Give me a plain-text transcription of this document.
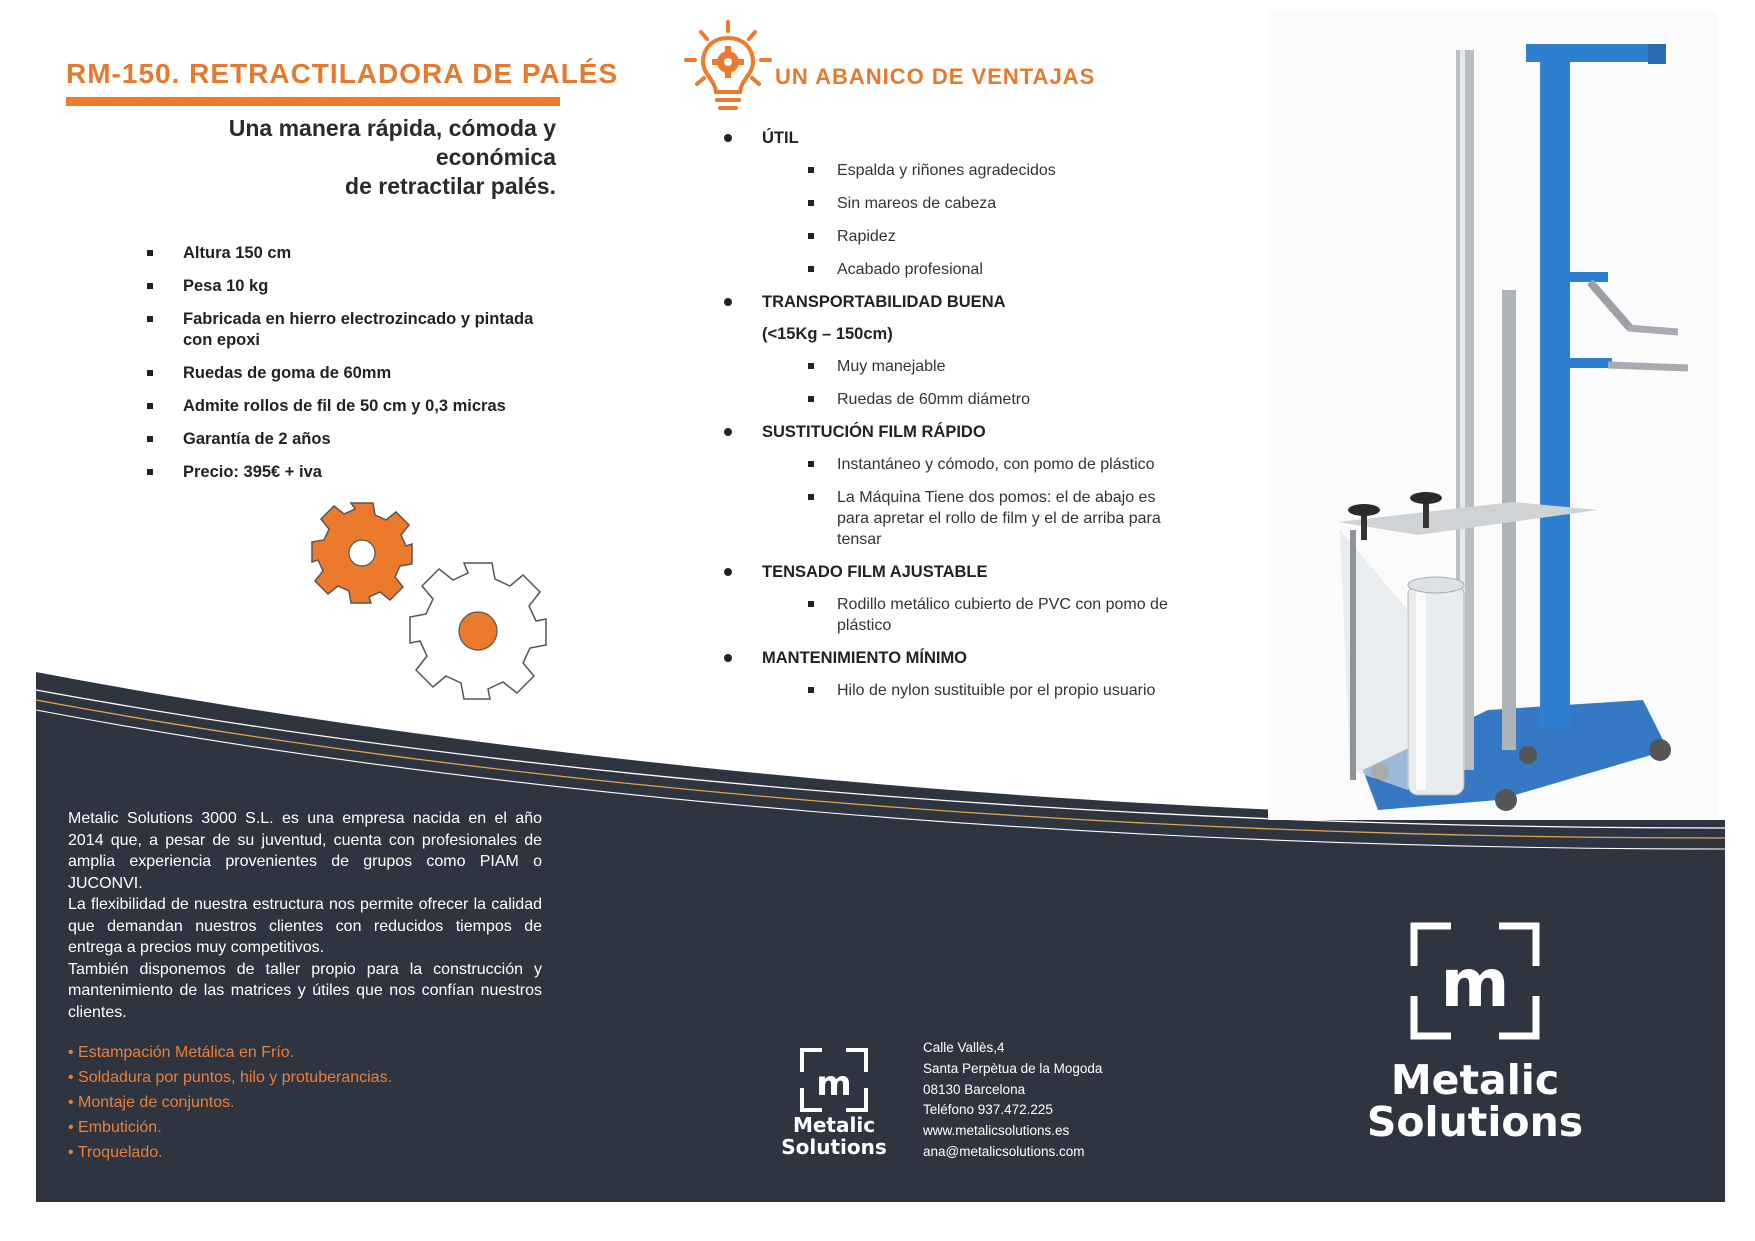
RM-150. RETRACTILADORA DE PALÉS
Una manera rápida, cómoda y económica
de retractilar palés.
Altura 150 cm
Pesa 10 kg
Fabricada en hierro electrozincado y pintada con epoxi
Ruedas de goma de 60mm
Admite rollos de fil de 50 cm y 0,3 micras
Garantía de 2 años
Precio: 395€ + iva
UN ABANICO DE VENTAJAS
ÚTIL
Espalda y riñones agradecidos
Sin mareos de cabeza
Rapidez
Acabado profesional
TRANSPORTABILIDAD BUENA
(<15Kg – 150cm)
Muy manejable
Ruedas de 60mm diámetro
SUSTITUCIÓN FILM RÁPIDO
Instantáneo y cómodo, con pomo de plástico
La Máquina Tiene dos pomos: el de abajo es para apretar el rollo de film y el de arriba para tensar
TENSADO FILM AJUSTABLE
Rodillo metálico cubierto de PVC con pomo de plástico
MANTENIMIENTO MÍNIMO
Hilo de nylon sustituible por el propio usuario

Metalic Solutions 3000 S.L. es una empresa nacida en el año 2014 que, a pesar de su juventud, cuenta con profesionales de amplia experiencia provenientes de grupos como PIAM o JUCONVI.

La flexibilidad de nuestra estructura nos permite ofrecer la calidad que demandan nuestros clientes con reducidos tiempos de entrega a precios muy competitivos.

También disponemos de taller propio para la construcción y mantenimiento de las matrices y útiles que nos confían nuestros clientes.

• Estampación Metálica en Frío.
• Soldadura por puntos, hilo y protuberancias.
• Montaje de conjuntos.
• Embutición.
• Troquelado.
m
Metalic
Solutions
Calle Vallès,4
Santa Perpètua de la Mogoda
08130 Barcelona
Teléfono 937.472.225
www.metalicsolutions.es
ana@metalicsolutions.com
m
Metalic
Solutions
